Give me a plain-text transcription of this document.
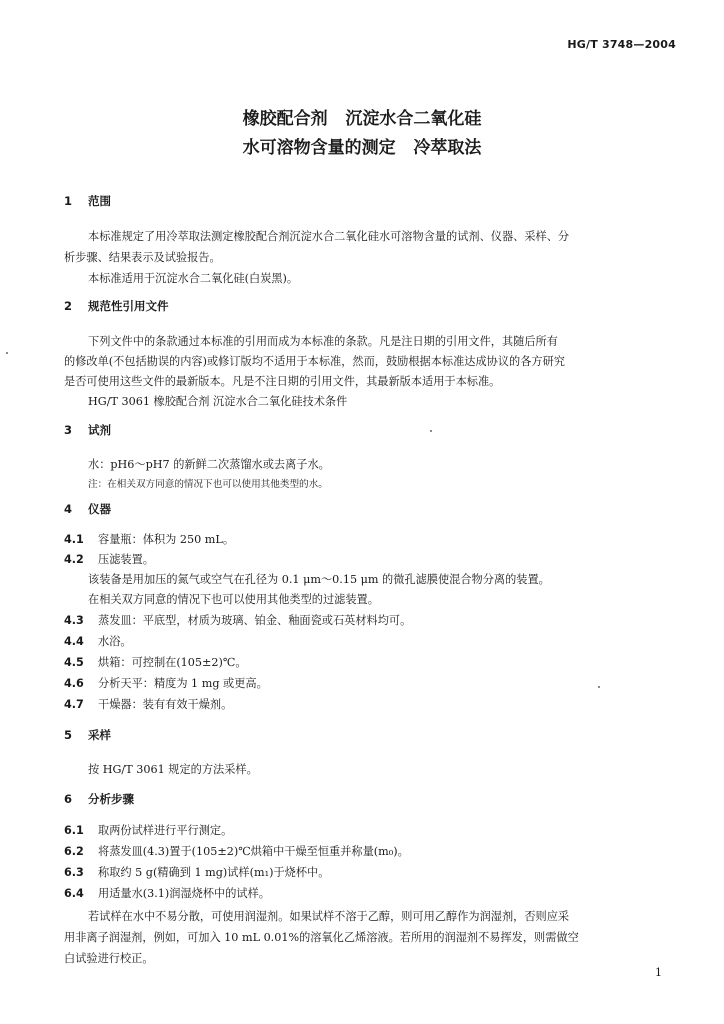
HG/T 3748—2004
橡胶配合剂   沉淀水合二氧化硅
水可溶物含量的测定   冷萃取法
1 范围
本标准规定了用冷萃取法测定橡胶配合剂沉淀水合二氧化硅水可溶物含量的试剂、仪器、采样、分
析步骤、结果表示及试验报告。
本标准适用于沉淀水合二氧化硅(白炭黑)。
2 规范性引用文件
下列文件中的条款通过本标准的引用而成为本标准的条款。凡是注日期的引用文件，其随后所有
的修改单(不包括勘误的内容)或修订版均不适用于本标准，然而，鼓励根据本标准达成协议的各方研究
是否可使用这些文件的最新版本。凡是不注日期的引用文件，其最新版本适用于本标准。
HG/T 3061 橡胶配合剂 沉淀水合二氧化硅技术条件
3 试剂
水：pH6～pH7 的新鲜二次蒸馏水或去离子水。
注：在相关双方同意的情况下也可以使用其他类型的水。
4 仪器
4.1 容量瓶：体积为 250 mL。
4.2 压滤装置。
该装备是用加压的氮气或空气在孔径为 0.1 μm～0.15 μm 的微孔滤膜使混合物分离的装置。
在相关双方同意的情况下也可以使用其他类型的过滤装置。
4.3 蒸发皿：平底型，材质为玻璃、铂金、釉面瓷或石英材料均可。
4.4 水浴。
4.5 烘箱：可控制在(105±2)℃。
4.6 分析天平：精度为 1 mg 或更高。
4.7 干燥器：装有有效干燥剂。
5 采样
按 HG/T 3061 规定的方法采样。
6 分析步骤
6.1 取两份试样进行平行测定。
6.2 将蒸发皿(4.3)置于(105±2)℃烘箱中干燥至恒重并称量(m₀)。
6.3 称取约 5 g(精确到 1 mg)试样(m₁)于烧杯中。
6.4 用适量水(3.1)润湿烧杯中的试样。
若试样在水中不易分散，可使用润湿剂。如果试样不溶于乙醇，则可用乙醇作为润湿剂，否则应采
用非离子润湿剂，例如，可加入 10 mL 0.01%的溶氧化乙烯溶液。若所用的润湿剂不易挥发，则需做空
白试验进行校正。
1
